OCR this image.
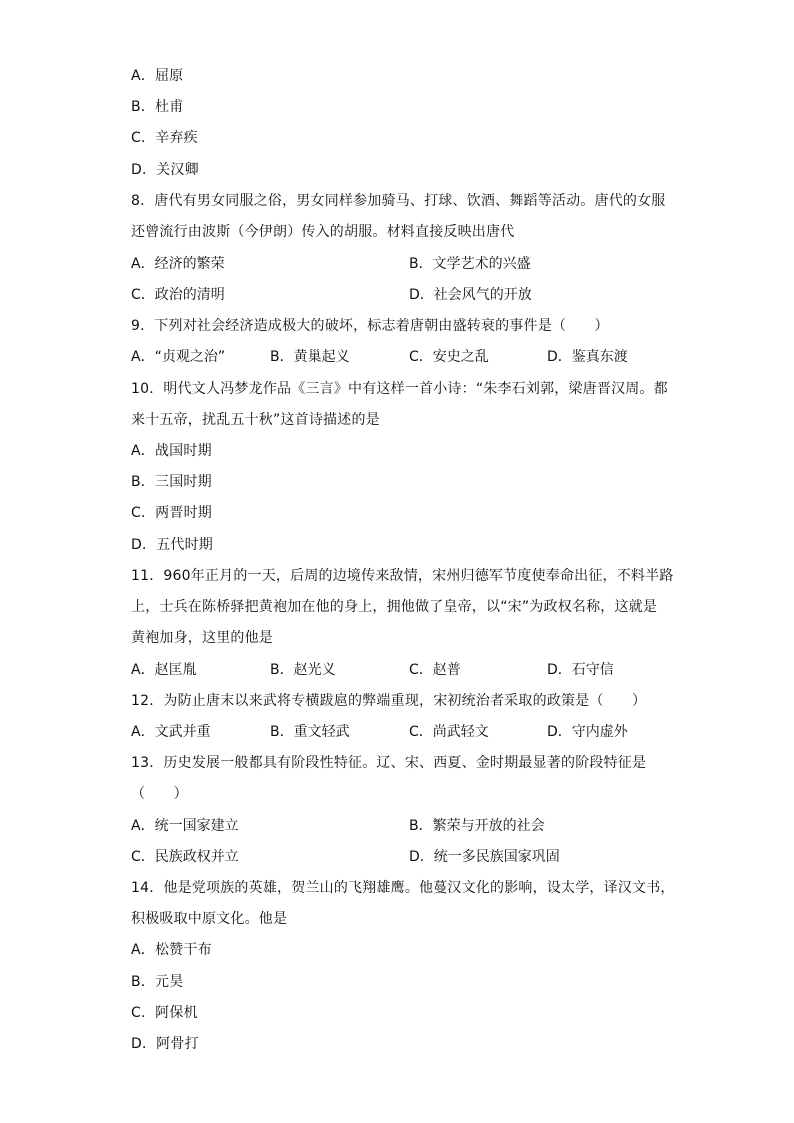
A．屈原
B．杜甫
C．辛弃疾
D．关汉卿
8．唐代有男女同服之俗，男女同样参加骑马、打球、饮酒、舞蹈等活动。唐代的女服
还曾流行由波斯（今伊朗）传入的胡服。材料直接反映出唐代
A．经济的繁荣	B．文学艺术的兴盛
C．政治的清明	D．社会风气的开放
9．下列对社会经济造成极大的破坏，标志着唐朝由盛转衰的事件是（　　）
A．“贞观之治”	B．黄巢起义	C．安史之乱	D．鉴真东渡
10．明代文人冯梦龙作品《三言》中有这样一首小诗：“朱李石刘郭，梁唐晋汉周。都
来十五帝，扰乱五十秋”这首诗描述的是
A．战国时期
B．三国时期
C．两晋时期
D．五代时期
11．960年正月的一天，后周的边境传来敌情，宋州归德军节度使奉命出征，不料半路
上，士兵在陈桥驿把黄袍加在他的身上，拥他做了皇帝，以“宋”为政权名称，这就是
黄袍加身，这里的他是
A．赵匡胤	B．赵光义	C．赵普	D．石守信
12．为防止唐末以来武将专横跋扈的弊端重现，宋初统治者采取的政策是（　　）
A．文武并重	B．重文轻武	C．尚武轻文	D．守内虚外
13．历史发展一般都具有阶段性特征。辽、宋、西夏、金时期最显著的阶段特征是
（　　）
A．统一国家建立	B．繁荣与开放的社会
C．民族政权并立	D．统一多民族国家巩固
14．他是党项族的英雄，贺兰山的飞翔雄鹰。他蔓汉文化的影响，设太学，译汉文书，
积极吸取中原文化。他是
A．松赞干布
B．元昊
C．阿保机
D．阿骨打
